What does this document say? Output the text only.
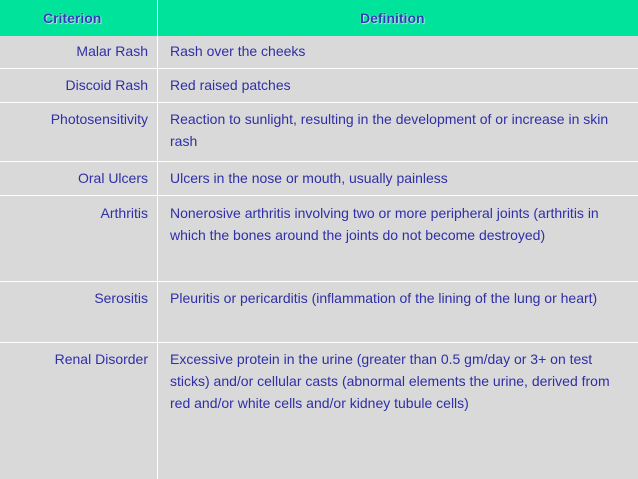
Criterion	Definition
Malar Rash Rash over the cheeks
Discoid Rash Red raised patches
Photosensitivity Reaction to sunlight, resulting in the development of or increase in skin rash
Oral Ulcers Ulcers in the nose or mouth, usually painless
Arthritis Nonerosive arthritis involving two or more peripheral joints (arthritis in which the bones around the joints do not become destroyed)
Serositis Pleuritis or pericarditis (inflammation of the lining of the lung or heart)
Renal Disorder Excessive protein in the urine (greater than 0.5 gm/day or 3+ on test sticks) and/or cellular casts (abnormal elements the urine, derived from red and/or white cells and/or kidney tubule cells)
